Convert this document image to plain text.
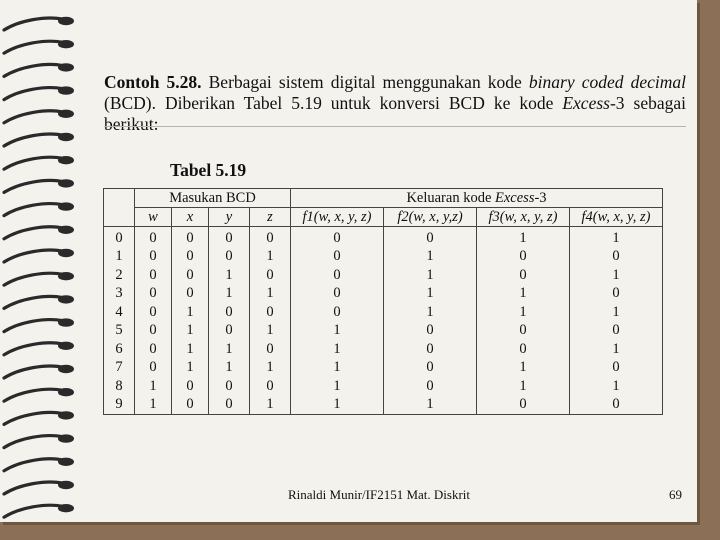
Contoh 5.28. Berbagai sistem digital menggunakan kode binary coded decimal (BCD). Diberikan Tabel 5.19 untuk konversi BCD ke kode Excess-3 sebagai berikut:
Tabel 5.19
	Masukan BCD				Keluaran kode Excess-3			
	w	x	y	z	f1(w, x, y, z)	f2(w, x, y,z)	f3(w, x, y, z)	f4(w, x, y, z)
0	0	0	0	0	0	0	1	1
1	0	0	0	1	0	1	0	0
2	0	0	1	0	0	1	0	1
3	0	0	1	1	0	1	1	0
4	0	1	0	0	0	1	1	1
5	0	1	0	1	1	0	0	0
6	0	1	1	0	1	0	0	1
7	0	1	1	1	1	0	1	0
8	1	0	0	0	1	0	1	1
9	1	0	0	1	1	1	0	0
Rinaldi Munir/IF2151 Mat. Diskrit	69
